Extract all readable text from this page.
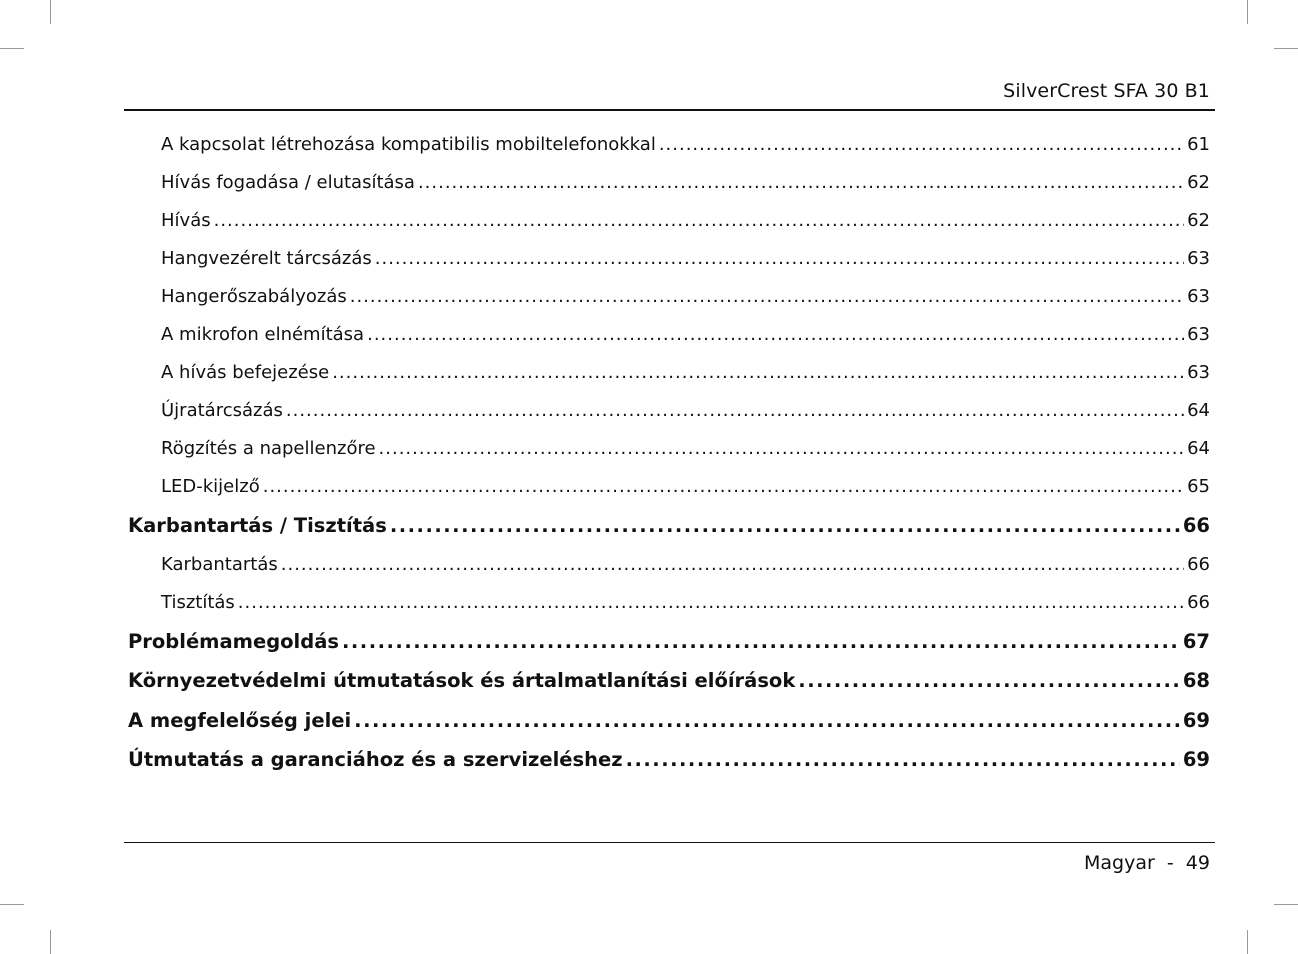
SilverCrest SFA 30 B1
A kapcsolat létrehozása kompatibilis mobiltelefonokkal .....	61
Hívás fogadása / elutasítása .....	62
Hívás .....	62
Hangvezérelt tárcsázás .....	63
Hangerőszabályozás .....	63
A mikrofon elnémítása .....	63
A hívás befejezése .....	63
Újratárcsázás .....	64
Rögzítés a napellenzőre .....	64
LED-kijelző .....	65
Karbantartás / Tisztítás .....	66
Karbantartás .....	66
Tisztítás .....	66
Problémamegoldás .....	67
Környezetvédelmi útmutatások és ártalmatlanítási előírások .....	68
A megfelelőség jelei .....	69
Útmutatás a garanciához és a szervizeléshez .....	69
Magyar  -  49
